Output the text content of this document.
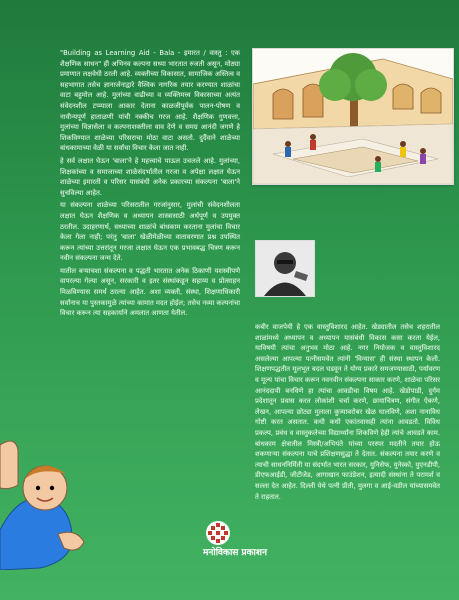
"Building as Learning Aid - Bala - इमारत / वास्तु : एक शैक्षणिक साधन" ही अभिनव कल्पना सध्या भारतात रुजती असून, मोठ्या प्रमाणात लक्षवेधी ठरली आहे. व्यक्तीच्या विकासात, सामाजिक अस्तित्व व सहभागात तसेच ज्ञानार्जनाद्वारे वैश्विक नागरिक तयार करण्यात शाळांचा वाटा बहुमोल आहे. मुलांच्या वाढीच्या व व्यक्तिमत्त्व विकासाच्या अत्यंत संवेदनशील टप्प्याला आकार देताना काळजीपूर्वक पालन-पोषण व नावीन्यपूर्ण हाताळणी यांची नक्कीच गरज आहे. शैक्षणिक गुणवत्ता, मुलांच्या विज्ञासेला व कल्पनाशक्तीला वाव देणे व समग्र आनंदी जगणे हे शिकविण्यात शाळेच्या परिसराचा मोठा वाटा असतो. दुर्दैवाने शाळेच्या बांधकामाच्या वेळी या सर्वांचा विचार केला जात नाही.

हे सर्व लक्षात घेऊन 'बाला'ने हे महत्त्वाचे पाऊल उचलले आहे. मुलांच्या, शिक्षकांच्या व समाजाच्या शाळेसंदर्भातील गरजा व अपेक्षा लक्षात घेऊन शाळेच्या इमारती व परिसर यासंबंधी अनेक प्रकारच्या संकल्पना 'बाला'ने सुचविल्या आहेत.

या संकल्पना शाळेच्या परिसरातील गरजांनुसार, मुलांची संवेदनशीलता लक्षात घेऊन शैक्षणिक व अध्यापन शास्त्रासाठी अर्थपूर्ण व उपयुक्त ठरतील. उदाहरणार्थ, सध्याच्या शाळांचे बांधकाम करताना मुलांचा विचार केला गेला नाही; परंतु 'बाला' खेळीमेळीच्या वातावरणात प्रश्न उपस्थित करून त्यांच्या उत्तरांतून गरजा लक्षात घेऊन एक प्रभावबद्ध चित्रण करून नवीन संकल्पना जन्म देते.

यातील बऱ्याचशा संकल्पना व पद्धती भारतात अनेक ठिकाणी यशस्वीपणे वापरल्या गेल्या असून, सरकारी व इतर संस्थांकडून सहाय्य व प्रोत्साहन मिळविण्यास समर्थ ठरल्या आहेत. अशा व्यक्ती, संस्था, शिक्षणाधिकारी सर्वांनाच या पुस्तकामुळे त्यांच्या कामात मदत होईल; तसेच नव्या कल्पनांचा विचार करून त्या सहकार्याने अमलात आणता येतील.

कबीर वाजपेयी हे एक वास्तुविशारद आहेत. खेड्यातील तसेच शहरातील शाळांमध्ये अध्यापन व अध्यापन यासंबंधी विकास कसा करता येईल, याविषयी त्यांचा अनुभव मोठा आहे. नगर नियोजक व वास्तुविशारद असलेल्या आपल्या पत्नीसमवेत त्यांनी 'विन्यास' ही संस्था स्थापन केली. शिक्षणपद्धतीत मूलभूत बदल घडवून ते योग्य प्रकारे समजण्यासाठी, पर्यावरण व मूल्य यांचा विचार करून नवनवीन संकल्पना साकार करणे, शाळेचा परिसर आनंददायी बनविणे हा त्यांचा आवडीचा विषय आहे. खेडोपाडी, दुर्गम प्रदेशातून प्रवास करत लोकांशी चर्चा करणे, छायाचित्रण, संगीत ऐकणे, लेखन, आपल्या छोट्या मुलाला कुत्र्याबरोबर खेळ घालविणे, अशा नानाविध गोष्टी करत असतात. कधी कधी एकांतवासही त्यांना आवडतो. विविध प्रकल्प, प्रबंध व वास्तुकलेच्या विद्यार्थ्यांना शिकविणे हेही त्यांचे आवडते काम. बांधकाम क्षेत्रातील मिस्त्री/अभियंते यांच्या परस्पर मदतीने तयार होऊ शकणाऱ्या संकल्पना याचे प्रशिक्षणसुद्धा ते देतात. संकल्पना तयार करणे व त्याची साधननिर्मिती या संदर्भात भारत सरकार, युनिसेफ, युनेस्को, युएनडीपी, डीएफआईडी, जीटीजेड, आगाखान फाउंडेशन, इत्यादी संस्थांना ते परामर्श व सल्ला देत आहेत. दिल्ली येथे पत्नी प्रीती, मुलगा व आई-वडील यांच्यासमवेत ते राहतात.

मनोविकास प्रकाशन
